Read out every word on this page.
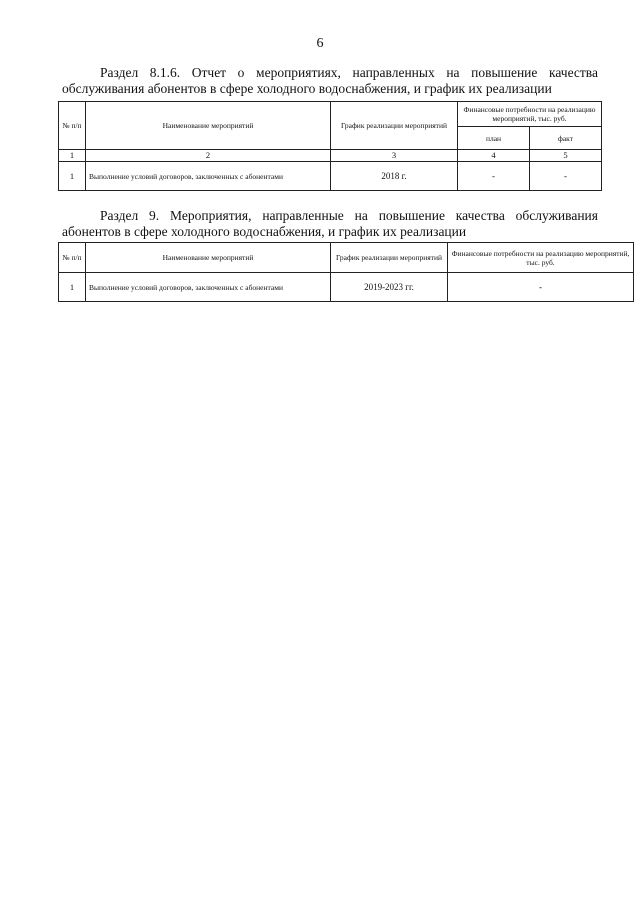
6
Раздел 8.1.6. Отчет о мероприятиях, направленных на повышение качества обслуживания абонентов в сфере холодного водоснабжения, и график их реализации
№ п/п	Наименование мероприятий	График реализации мероприятий	Финансовые потребности на реализацию мероприятий, тыс. руб.	
			план	факт
1	2	3	4	5
1	Выполнение условий договоров, заключенных с абонентами	2018 г.	-	-
Раздел 9. Мероприятия, направленные на повышение качества обслуживания абонентов в сфере холодного водоснабжения, и график их реализации
№ п/п	Наименование мероприятий	График реализации мероприятий	Финансовые потребности на реализацию мероприятий, тыс. руб.
1	Выполнение условий договоров, заключенных с абонентами	2019-2023 гг.	-
